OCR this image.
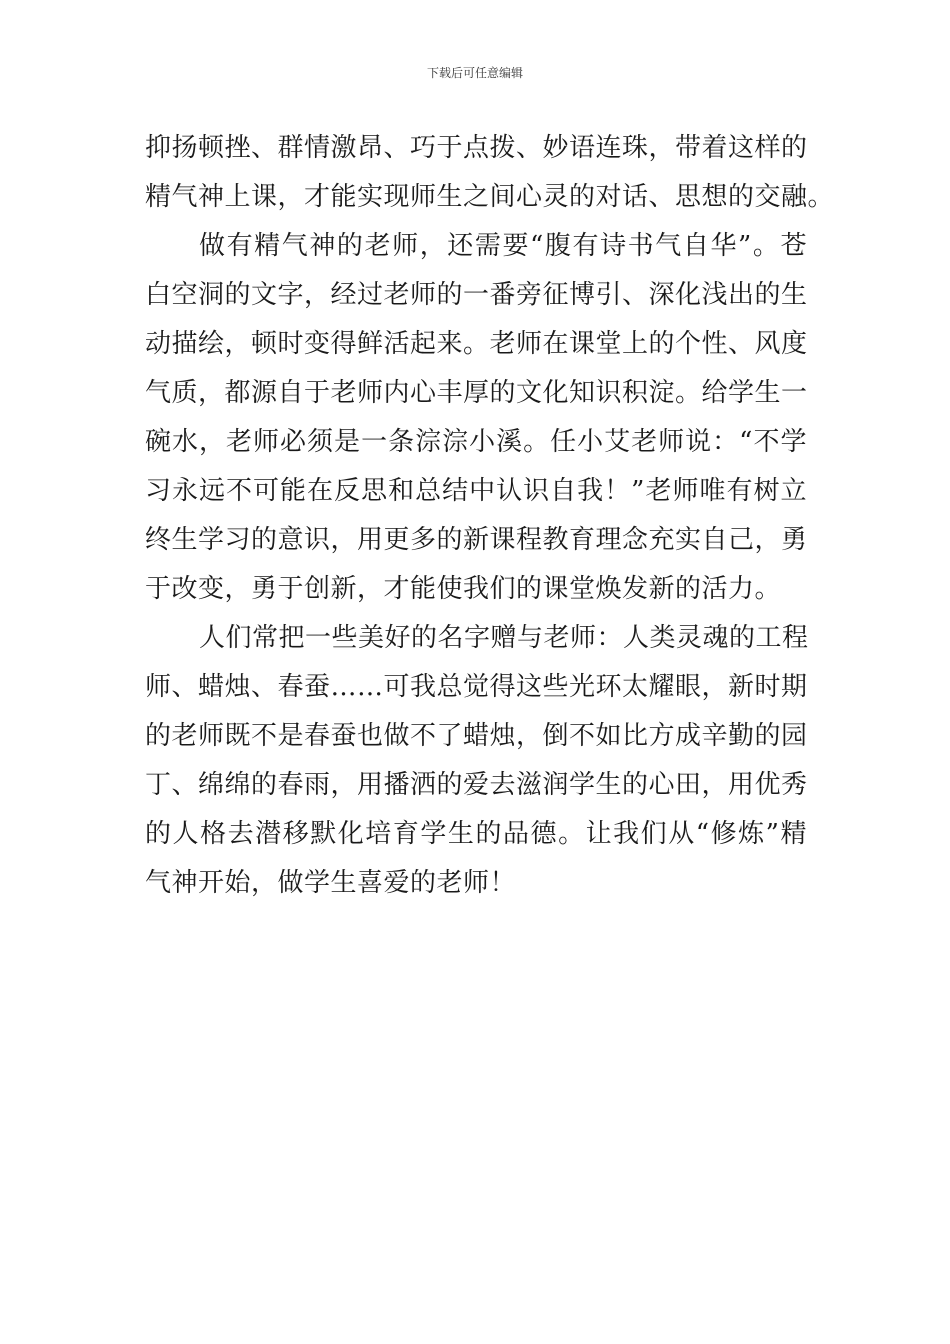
下载后可任意编辑
抑扬顿挫、群情激昂、巧于点拨、妙语连珠，带着这样的
精气神上课，才能实现师生之间心灵的对话、思想的交融。
做有精气神的老师，还需要“腹有诗书气自华”。苍
白空洞的文字，经过老师的一番旁征博引、深化浅出的生
动描绘，顿时变得鲜活起来。老师在课堂上的个性、风度
气质，都源自于老师内心丰厚的文化知识积淀。给学生一
碗水，老师必须是一条淙淙小溪。任小艾老师说：“不学
习永远不可能在反思和总结中认识自我！”老师唯有树立
终生学习的意识，用更多的新课程教育理念充实自己，勇
于改变，勇于创新，才能使我们的课堂焕发新的活力。
人们常把一些美好的名字赠与老师：人类灵魂的工程
师、蜡烛、春蚕……可我总觉得这些光环太耀眼，新时期
的老师既不是春蚕也做不了蜡烛，倒不如比方成辛勤的园
丁、绵绵的春雨，用播洒的爱去滋润学生的心田，用优秀
的人格去潜移默化培育学生的品德。让我们从“修炼”精
气神开始，做学生喜爱的老师！
